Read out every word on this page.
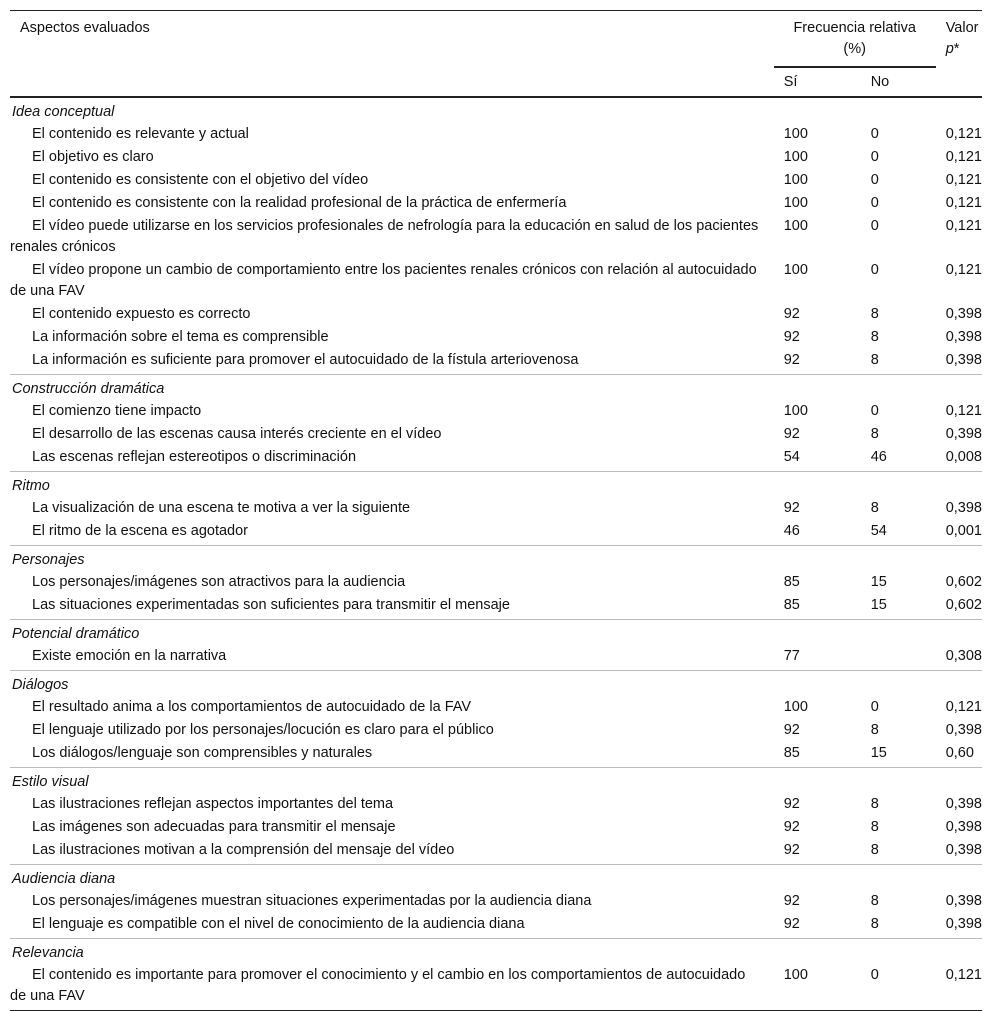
Aspectos evaluados	Frecuencia relativa (%)		Valor p*
	Sí	No	
Idea conceptual			
El contenido es relevante y actual	100	0	0,121
El objetivo es claro	100	0	0,121
El contenido es consistente con el objetivo del vídeo	100	0	0,121
El contenido es consistente con la realidad profesional de la práctica de enfermería	100	0	0,121
El vídeo puede utilizarse en los servicios profesionales de nefrología para la educación en salud de los pacientes renales crónicos	100	0	0,121
El vídeo propone un cambio de comportamiento entre los pacientes renales crónicos con relación al autocuidado de una FAV	100	0	0,121
El contenido expuesto es correcto	92	8	0,398
La información sobre el tema es comprensible	92	8	0,398
La información es suficiente para promover el autocuidado de la fístula arteriovenosa	92	8	0,398
Construcción dramática			
El comienzo tiene impacto	100	0	0,121
El desarrollo de las escenas causa interés creciente en el vídeo	92	8	0,398
Las escenas reflejan estereotipos o discriminación	54	46	0,008
Ritmo			
La visualización de una escena te motiva a ver la siguiente	92	8	0,398
El ritmo de la escena es agotador	46	54	0,001
Personajes			
Los personajes/imágenes son atractivos para la audiencia	85	15	0,602
Las situaciones experimentadas son suficientes para transmitir el mensaje	85	15	0,602
Potencial dramático			
Existe emoción en la narrativa	77		0,308
Diálogos			
El resultado anima a los comportamientos de autocuidado de la FAV	100	0	0,121
El lenguaje utilizado por los personajes/locución es claro para el público	92	8	0,398
Los diálogos/lenguaje son comprensibles y naturales	85	15	0,60
Estilo visual			
Las ilustraciones reflejan aspectos importantes del tema	92	8	0,398
Las imágenes son adecuadas para transmitir el mensaje	92	8	0,398
Las ilustraciones motivan a la comprensión del mensaje del vídeo	92	8	0,398
Audiencia diana			
Los personajes/imágenes muestran situaciones experimentadas por la audiencia diana	92	8	0,398
El lenguaje es compatible con el nivel de conocimiento de la audiencia diana	92	8	0,398
Relevancia			
El contenido es importante para promover el conocimiento y el cambio en los comportamientos de autocuidado de una FAV	100	0	0,121
